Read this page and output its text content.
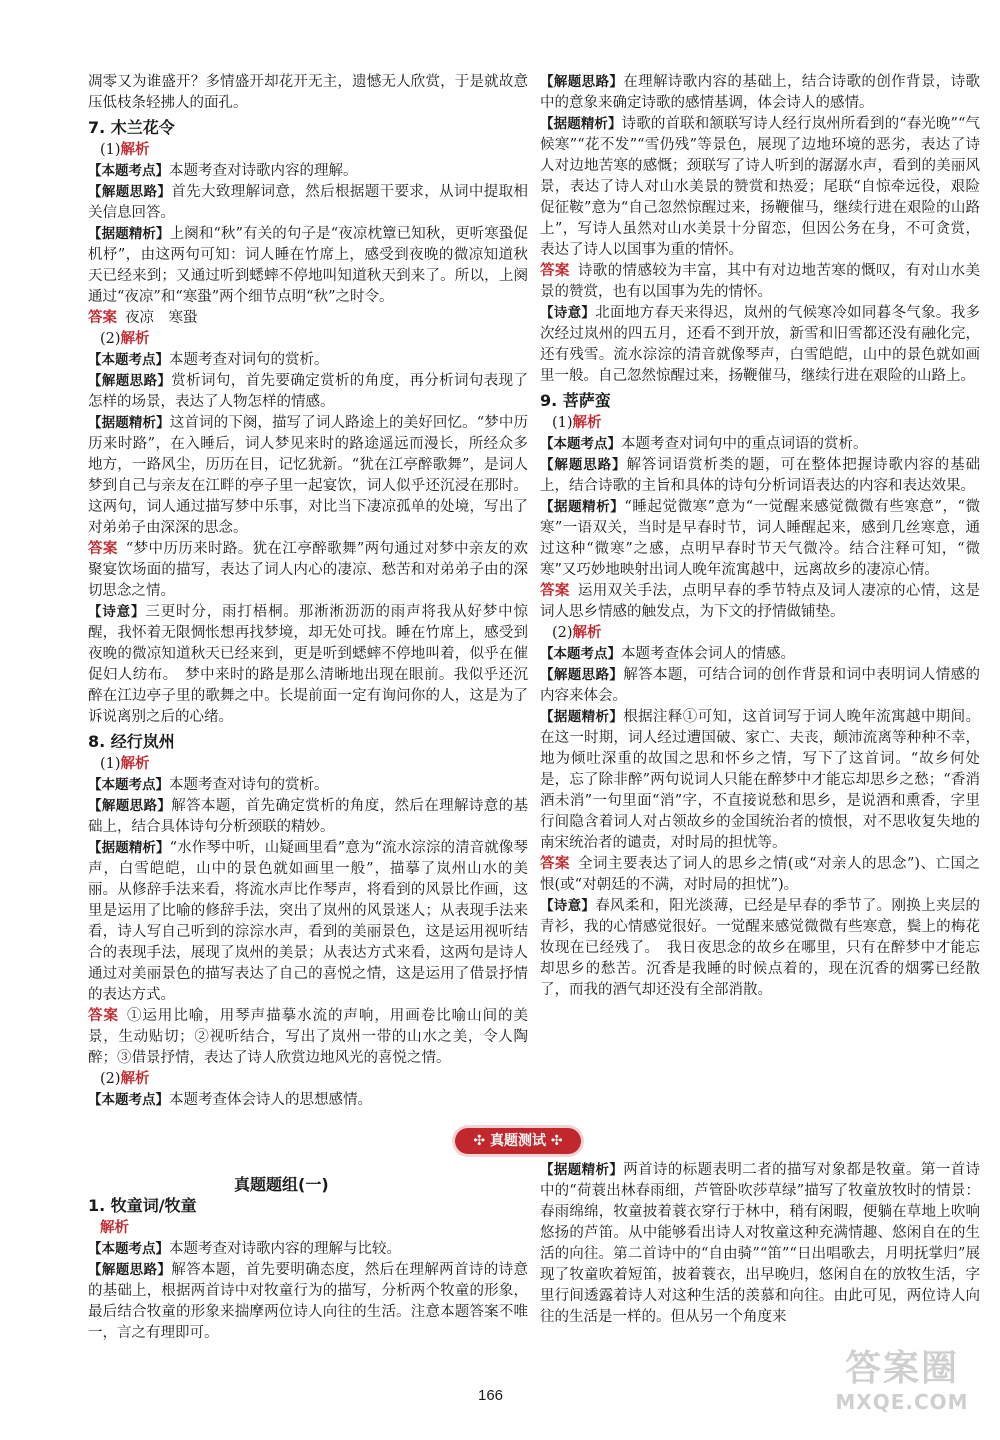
凋零又为谁盛开？多情盛开却花开无主，遗憾无人欣赏，于是就故意压低枝条轻拂人的面孔。

7. 木兰花令

(1)解析

【本题考点】本题考查对诗歌内容的理解。

【解题思路】首先大致理解词意，然后根据题干要求，从词中提取相关信息回答。

【据题精析】上阕和“秋”有关的句子是“夜凉枕簟已知秋，更听寒蛩促机杼”，由这两句可知：词人睡在竹席上，感受到夜晚的微凉知道秋天已经来到；又通过听到蟋蟀不停地叫知道秋天到来了。所以，上阕通过“夜凉”和“寒蛩”两个细节点明“秋”之时令。

答案 夜凉　寒蛩

(2)解析

【本题考点】本题考查对词句的赏析。

【解题思路】赏析词句，首先要确定赏析的角度，再分析词句表现了怎样的场景，表达了人物怎样的情感。

【据题精析】这首词的下阕，描写了词人路途上的美好回忆。“梦中历历来时路”，在入睡后，词人梦见来时的路途遥远而漫长，所经众多地方，一路风尘，历历在目，记忆犹新。“犹在江亭醉歌舞”，是词人梦到自己与亲友在江畔的亭子里一起宴饮，词人似乎还沉浸在那时。这两句，词人通过描写梦中乐事，对比当下凄凉孤单的处境，写出了对弟弟子由深深的思念。

答案 “梦中历历来时路。犹在江亭醉歌舞”两句通过对梦中亲友的欢聚宴饮场面的描写，表达了词人内心的凄凉、愁苦和对弟弟子由的深切思念之情。

【诗意】三更时分，雨打梧桐。那淅淅沥沥的雨声将我从好梦中惊醒，我怀着无限惆怅想再找梦境，却无处可找。睡在竹席上，感受到夜晚的微凉知道秋天已经来到，更是听到蟋蟀不停地叫着，似乎在催促妇人纺布。　梦中来时的路是那么清晰地出现在眼前。我似乎还沉醉在江边亭子里的歌舞之中。长堤前面一定有询问你的人，这是为了诉说离别之后的心绪。

8. 经行岚州

(1)解析

【本题考点】本题考查对诗句的赏析。

【解题思路】解答本题，首先确定赏析的角度，然后在理解诗意的基础上，结合具体诗句分析颈联的精妙。

【据题精析】“水作琴中听，山疑画里看”意为“流水淙淙的清音就像琴声，白雪皑皑，山中的景色就如画里一般”，描摹了岚州山水的美丽。从修辞手法来看，将流水声比作琴声，将看到的风景比作画，这里是运用了比喻的修辞手法，突出了岚州的风景迷人；从表现手法来看，诗人写自己听到的淙淙水声，看到的美丽景色，这是运用视听结合的表现手法，展现了岚州的美景；从表达方式来看，这两句是诗人通过对美丽景色的描写表达了自己的喜悦之情，这是运用了借景抒情的表达方式。

答案 ①运用比喻，用琴声描摹水流的声响，用画卷比喻山间的美景，生动贴切；②视听结合，写出了岚州一带的山水之美，令人陶醉；③借景抒情，表达了诗人欣赏边地风光的喜悦之情。

(2)解析

【本题考点】本题考查体会诗人的思想感情。

【解题思路】在理解诗歌内容的基础上，结合诗歌的创作背景，诗歌中的意象来确定诗歌的感情基调，体会诗人的感情。

【据题精析】诗歌的首联和颔联写诗人经行岚州所看到的“春光晚”“气候寒”“花不发”“雪仍残”等景色，展现了边地环境的恶劣，表达了诗人对边地苦寒的感慨；颈联写了诗人听到的潺潺水声，看到的美丽风景，表达了诗人对山水美景的赞赏和热爱；尾联“自惊牵远役，艰险促征鞍”意为“自己忽然惊醒过来，扬鞭催马，继续行进在艰险的山路上”，写诗人虽然对山水美景十分留恋，但因公务在身，不可贪赏，表达了诗人以国事为重的情怀。

答案 诗歌的情感较为丰富，其中有对边地苦寒的慨叹，有对山水美景的赞赏，也有以国事为先的情怀。

【诗意】北面地方春天来得迟，岚州的气候寒冷如同暮冬气象。我多次经过岚州的四五月，还看不到开放，新雪和旧雪都还没有融化完，还有残雪。流水淙淙的清音就像琴声，白雪皑皑，山中的景色就如画里一般。自己忽然惊醒过来，扬鞭催马，继续行进在艰险的山路上。

9. 菩萨蛮

(1)解析

【本题考点】本题考查对词句中的重点词语的赏析。

【解题思路】解答词语赏析类的题，可在整体把握诗歌内容的基础上，结合诗歌的主旨和具体的诗句分析词语表达的内容和表达效果。

【据题精析】“睡起觉微寒”意为“一觉醒来感觉微微有些寒意”，“微寒”一语双关，当时是早春时节，词人睡醒起来，感到几丝寒意，通过这种“微寒”之感，点明早春时节天气微冷。结合注释可知，“微寒”又巧妙地映射出词人晚年流寓越中，远离故乡的凄凉心情。

答案 运用双关手法，点明早春的季节特点及词人凄凉的心情，这是词人思乡情感的触发点，为下文的抒情做铺垫。

(2)解析

【本题考点】本题考查体会词人的情感。

【解题思路】解答本题，可结合词的创作背景和词中表明词人情感的内容来体会。

【据题精析】根据注释①可知，这首词写于词人晚年流寓越中期间。在这一时期，词人经过遭国破、家亡、夫丧，颠沛流离等种种不幸，地为倾吐深重的故国之思和怀乡之情，写下了这首词。“故乡何处是，忘了除非醉”两句说词人只能在醉梦中才能忘却思乡之愁；“香消酒未消”一句里面“消”字，不直接说愁和思乡，是说酒和熏香，字里行间隐含着词人对占领故乡的金国统治者的愤恨，对不思收复失地的南宋统治者的谴责，对时局的担忧等。

答案 全词主要表达了词人的思乡之情(或“对亲人的思念”)、亡国之恨(或“对朝廷的不满，对时局的担忧”)。

【诗意】春风柔和，阳光淡薄，已经是早春的季节了。刚换上夹层的青衫，我的心情感觉很好。一觉醒来感觉微微有些寒意，鬓上的梅花妆现在已经残了。　我日夜思念的故乡在哪里，只有在醉梦中才能忘却思乡的愁苦。沉香是我睡的时候点着的，现在沉香的烟雾已经散了，而我的酒气却还没有全部消散。

✣ 真题测试 ✣
真题题组(一)
1. 牧童词/牧童

解析

【本题考点】本题考查对诗歌内容的理解与比较。

【解题思路】解答本题，首先要明确态度，然后在理解两首诗的诗意的基础上，根据两首诗中对牧童行为的描写，分析两个牧童的形象，最后结合牧童的形象来揣摩两位诗人向往的生活。注意本题答案不唯一，言之有理即可。

【据题精析】两首诗的标题表明二者的描写对象都是牧童。第一首诗中的“荷蓑出林春雨细，芦管卧吹莎草绿”描写了牧童放牧时的情景：春雨绵绵，牧童披着蓑衣穿行于林中，稍有闲暇，便躺在草地上吹响悠扬的芦笛。从中能够看出诗人对牧童这种充满情趣、悠闲自在的生活的向往。第二首诗中的“自由骑”“笛”“日出唱歌去，月明抚掌归”展现了牧童吹着短笛，披着蓑衣，出早晚归，悠闲自在的放牧生活，字里行间透露着诗人对这种生活的羡慕和向往。由此可见，两位诗人向往的生活是一样的。但从另一个角度来

166
答案圈
MXQE.COM
